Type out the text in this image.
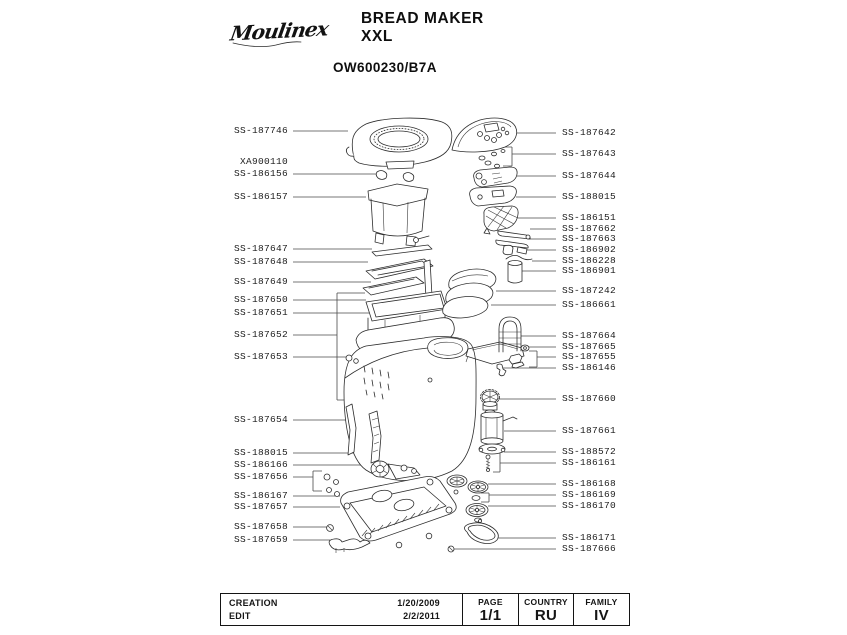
Moulinex BREAD MAKER
XXL
OW600230/B7A
SS-187746
XA900110
SS-186156
SS-186157
SS-187647
SS-187648
SS-187649
SS-187650
SS-187651
SS-187652
SS-187653
SS-187654
SS-188015
SS-186166
SS-187656
SS-186167
SS-187657
SS-187658
SS-187659
SS-187642
SS-187643
SS-187644
SS-188015
SS-186151
SS-187662
SS-187663
SS-186902
SS-186228
SS-186901
SS-187242
SS-186661
SS-187664
SS-187665
SS-187655
SS-186146
SS-187660
SS-187661
SS-188572
SS-186161
SS-186168
SS-186169
SS-186170
SS-186171
SS-187666
CREATION	1/20/2009
EDIT	2/2/2011
PAGE
1/1
COUNTRY
RU
FAMILY
IV
